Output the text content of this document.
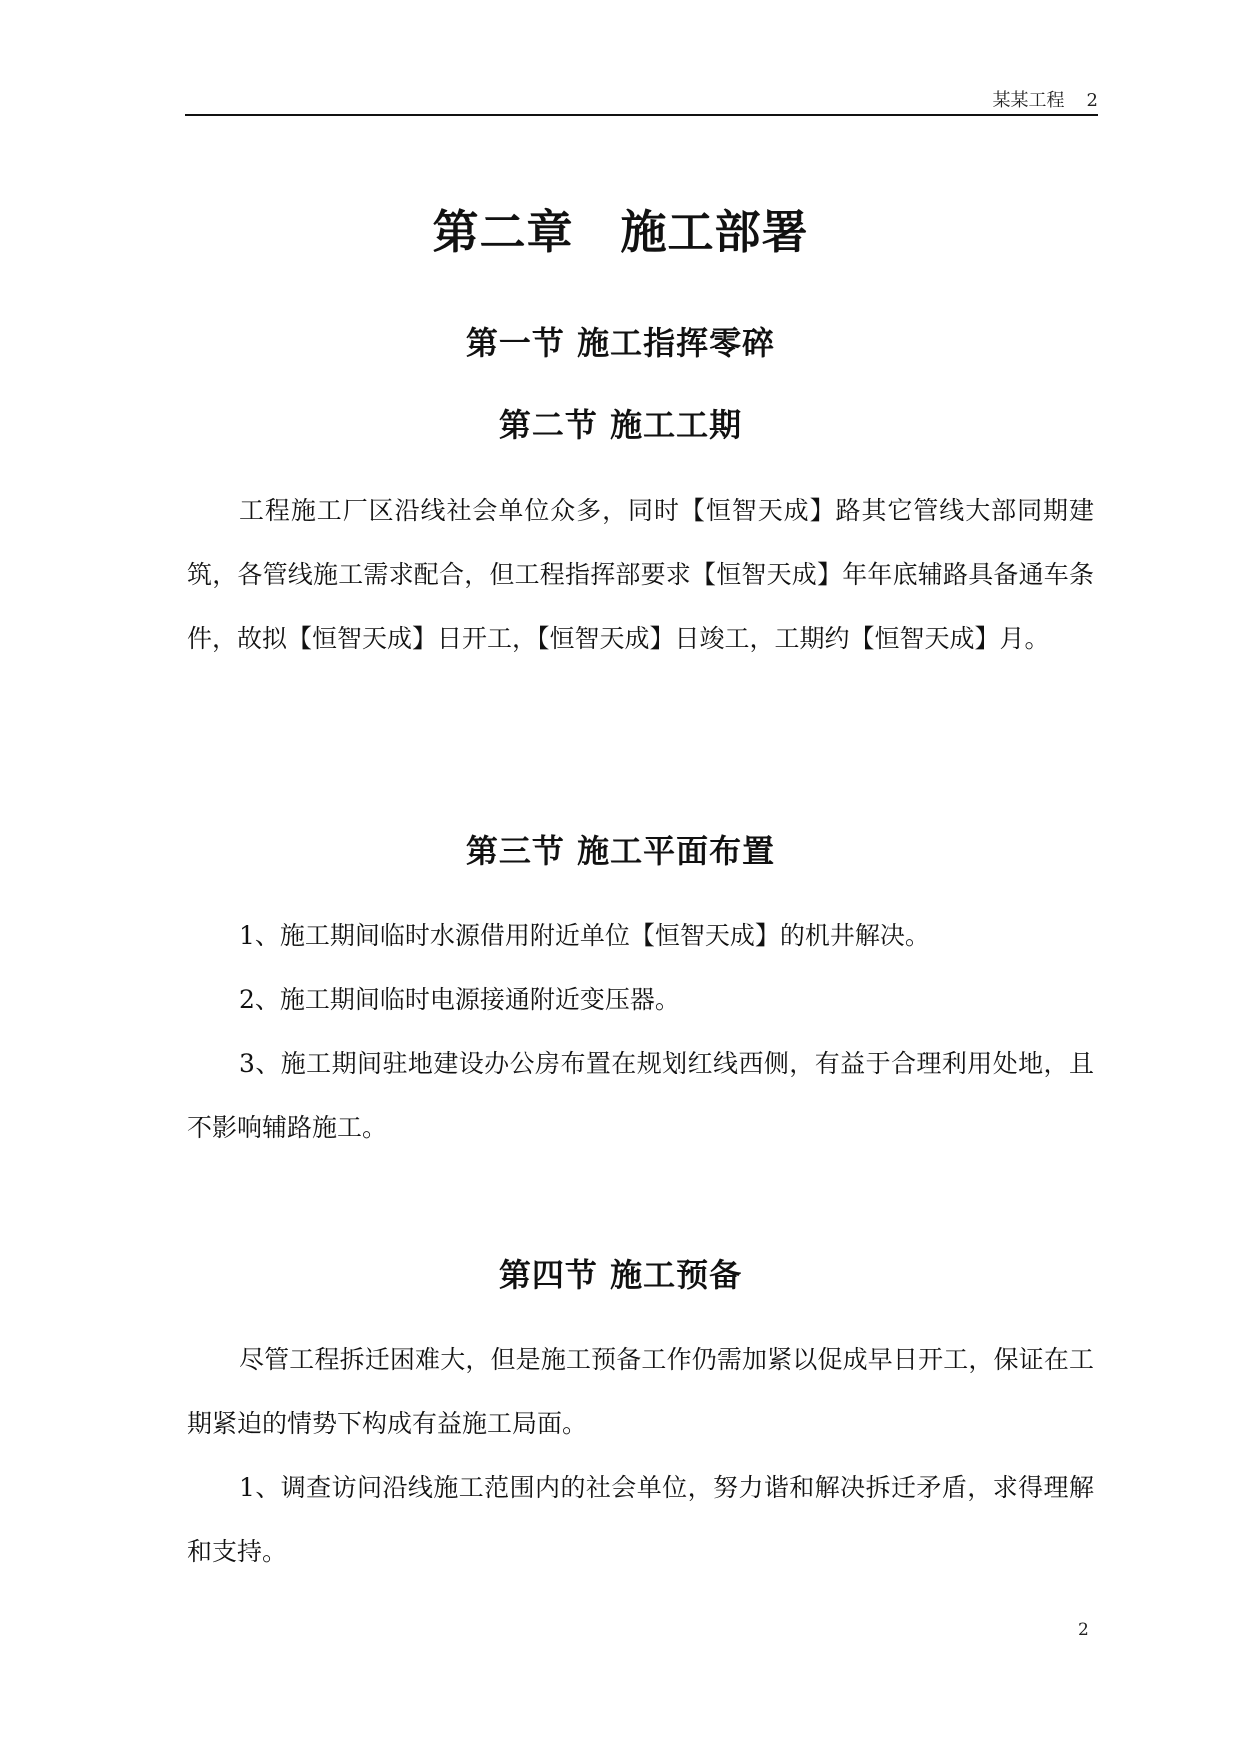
某某工程 2
第二章　施工部署
第一节 施工指挥零碎
第二节 施工工期
工程施工厂区沿线社会单位众多，同时【恒智天成】路其它管线大部同期建筑，各管线施工需求配合，但工程指挥部要求【恒智天成】年年底辅路具备通车条件，故拟【恒智天成】日开工，【恒智天成】日竣工，工期约【恒智天成】月。
第三节 施工平面布置
1、施工期间临时水源借用附近单位【恒智天成】的机井解决。
2、施工期间临时电源接通附近变压器。
3、施工期间驻地建设办公房布置在规划红线西侧，有益于合理利用处地，且不影响辅路施工。
第四节 施工预备
尽管工程拆迁困难大，但是施工预备工作仍需加紧以促成早日开工，保证在工期紧迫的情势下构成有益施工局面。
1、调查访问沿线施工范围内的社会单位，努力谐和解决拆迁矛盾，求得理解和支持。
2
